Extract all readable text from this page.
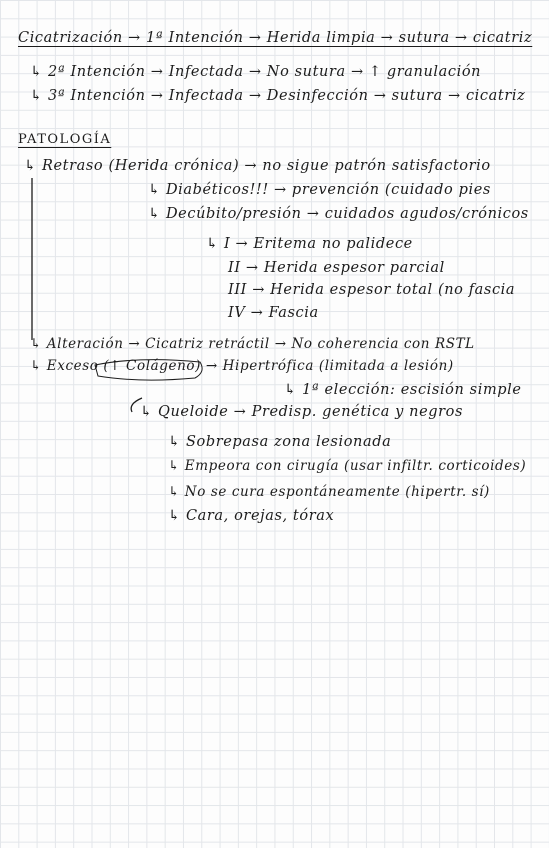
Cicatrización → 1ª Intención → Herida limpia → sutura → cicatriz
↳ 2ª Intención → Infectada → No sutura → ↑ granulación
↳ 3ª Intención → Infectada → Desinfección → sutura → cicatriz
PATOLOGÍA
↳ Retraso (Herida crónica) → no sigue patrón satisfactorio
↳ Diabéticos!!! → prevención (cuidado pies
↳ Decúbito/presión → cuidados agudos/crónicos
↳ I → Eritema no palidece
II → Herida espesor parcial
III → Herida espesor total (no fascia
IV → Fascia
↳ Alteración → Cicatriz retráctil → No coherencia con RSTL
↳ Exceso (↑ Colágeno) → Hipertrófica (limitada a lesión)
↳ 1ª elección: escisión simple
↳ Queloide → Predisp. genética y negros
↳ Sobrepasa zona lesionada
↳ Empeora con cirugía (usar infiltr. corticoides)
↳ No se cura espontáneamente (hipertr. sí)
↳ Cara, orejas, tórax
